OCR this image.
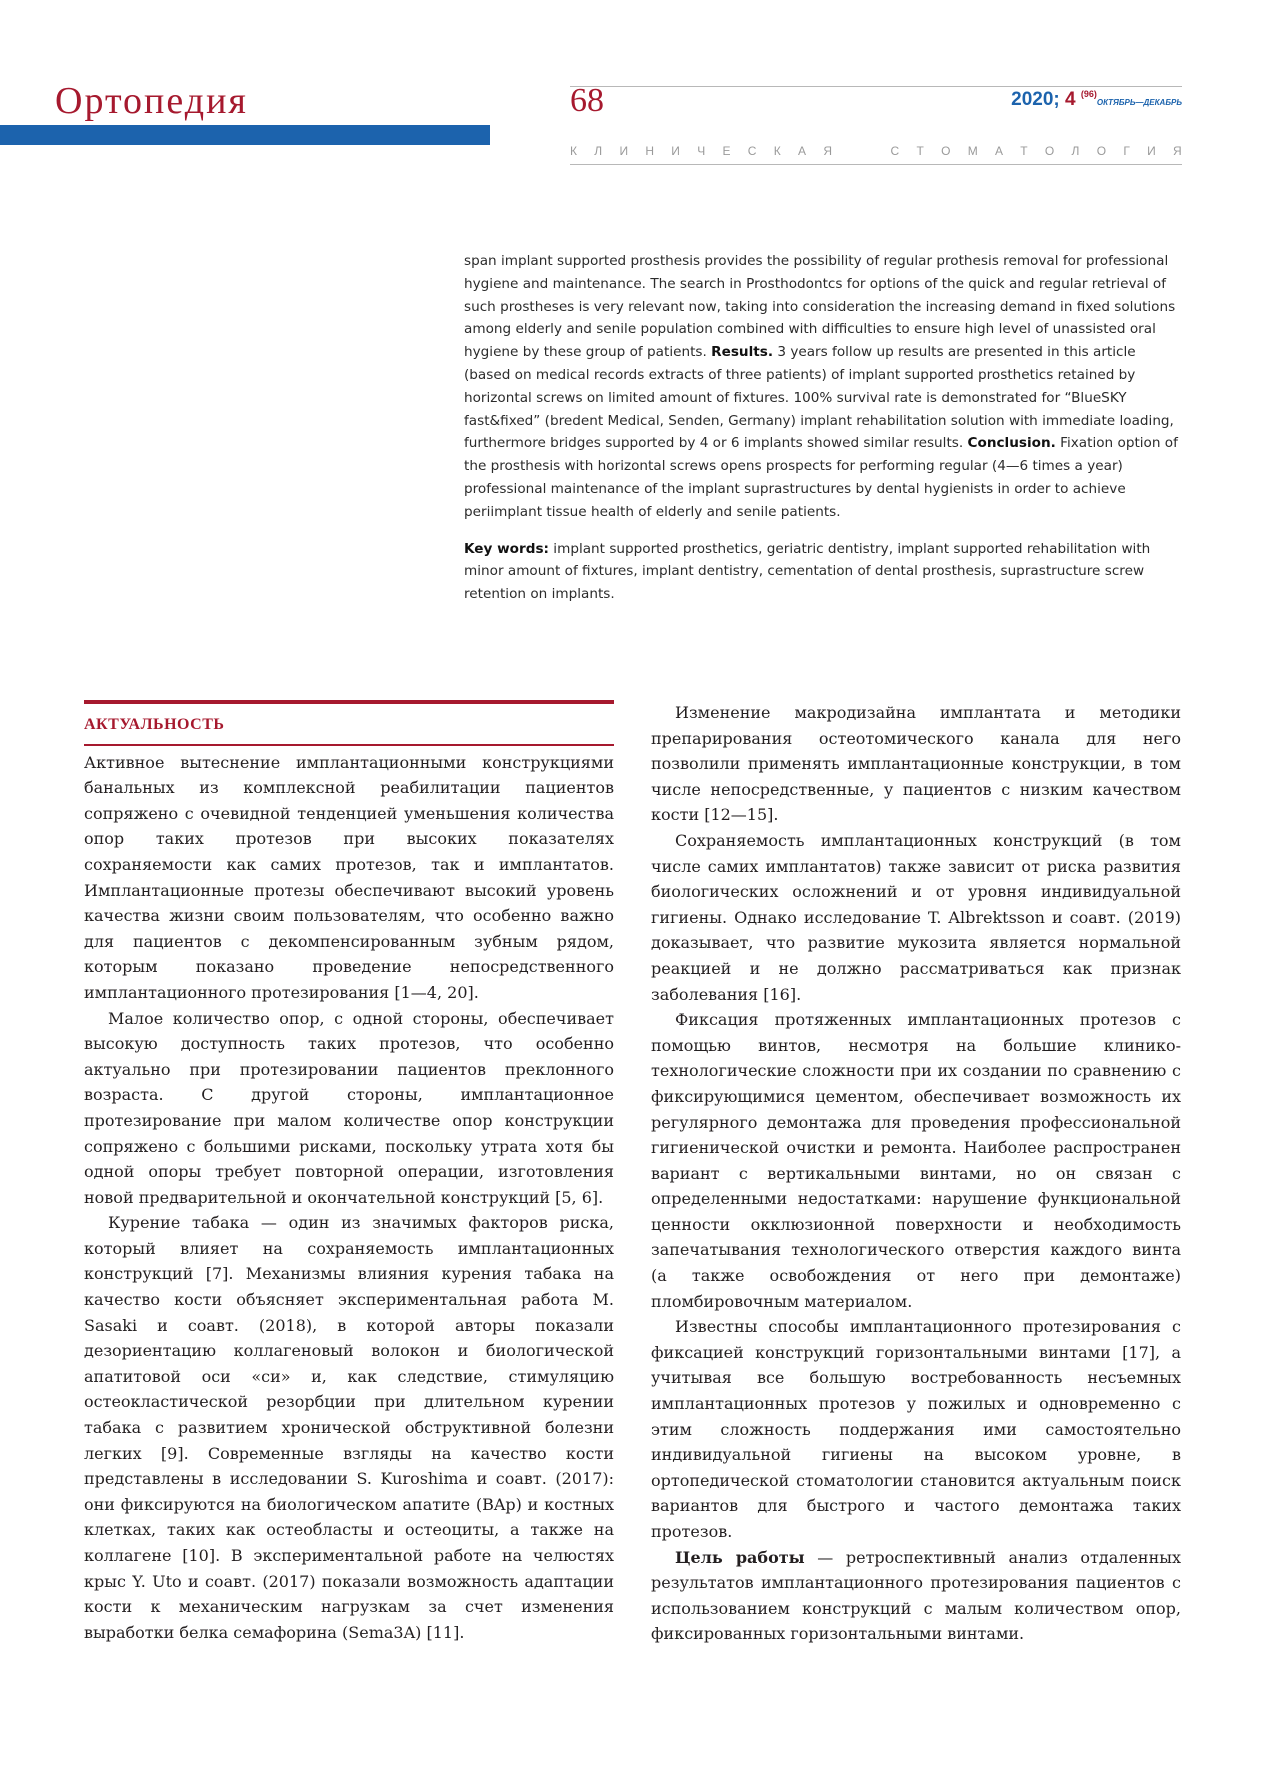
Ортопедия	68	2020; 4 $^{(96)}$ОКТЯБРЬ—ДЕКАБРЬ
К Л И Н И Ч Е С К А Я

	С Т О М А Т О Л О Г И Я

span implant supported prosthesis provides the possibility of regular prothesis removal for professional hygiene and maintenance. The search in Prosthodontcs for options of the quick and regular retrieval of such prostheses is very relevant now, taking into consideration the increasing demand in fixed solutions among elderly and senile population combined with difficulties to ensure high level of unassisted oral hygiene by these group of patients. Results. 3 years follow up results are presented in this article (based on medical records extracts of three patients) of implant supported prosthetics retained by horizontal screws on limited amount of fixtures. 100% survival rate is demonstrated for “BlueSKY fast&fixed” (bredent Medical, Senden, Germany) implant rehabilitation solution with immediate loading, furthermore bridges supported by 4 or 6 implants showed similar results. Conclusion. Fixation option of the prosthesis with horizontal screws opens prospects for performing regular (4—6 times a year) professional maintenance of the implant suprastructures by dental hygienists in order to achieve periimplant tissue health of elderly and senile patients.

Key words: implant supported prosthetics, geriatric dentistry, implant supported rehabilitation with minor amount of fixtures, implant dentistry, cementation of dental prosthesis, suprastructure screw retention on implants.

АКТУАЛЬНОСТЬ

Активное вытеснение имплантационными конструкциями банальных из комплексной реабилитации пациентов сопряжено с очевидной тенденцией уменьшения количества опор таких протезов при высоких показателях сохраняемости как самих протезов, так и имплантатов. Имплантационные протезы обеспечивают высокий уровень качества жизни своим пользователям, что особенно важно для пациентов с декомпенсированным зубным рядом, которым показано проведение непосредственного имплантационного протезирования [1—4, 20].

Малое количество опор, с одной стороны, обеспечивает высокую доступность таких протезов, что особенно актуально при протезировании пациентов преклонного возраста. С другой стороны, имплантационное протезирование при малом количестве опор конструкции сопряжено с большими рисками, поскольку утрата хотя бы одной опоры требует повторной операции, изготовления новой предварительной и окончательной конструкций [5, 6].

Курение табака — один из значимых факторов риска, который влияет на сохраняемость имплантационных конструкций [7]. Механизмы влияния курения табака на качество кости объясняет экспериментальная работа M. Sasaki и соавт. (2018), в которой авторы показали дезориентацию коллагеновый волокон и биологической апатитовой оси «си» и, как следствие, стимуляцию остеокластической резорбции при длительном курении табака с развитием хронической обструктивной болезни легких [9]. Современные взгляды на качество кости представлены в исследовании S. Kuroshima и соавт. (2017): они фиксируются на биологическом апатите (BAp) и костных клетках, таких как остеобласты и остеоциты, а также на коллагене [10]. В экспериментальной работе на челюстях крыс Y. Uto и соавт. (2017) показали возможность адаптации кости к механическим нагрузкам за счет изменения выработки белка семафорина (Sema3A) [11].

Изменение макродизайна имплантата и методики препарирования остеотомического канала для него позволили применять имплантационные конструкции, в том числе непосредственные, у пациентов с низким качеством кости [12—15].

Сохраняемость имплантационных конструкций (в том числе самих имплантатов) также зависит от риска развития биологических осложнений и от уровня индивидуальной гигиены. Однако исследование T. Albrektsson и соавт. (2019) доказывает, что развитие мукозита является нормальной реакцией и не должно рассматриваться как признак заболевания [16].

Фиксация протяженных имплантационных протезов с помощью винтов, несмотря на большие клинико-технологические сложности при их создании по сравнению с фиксирующимися цементом, обеспечивает возможность их регулярного демонтажа для проведения профессиональной гигиенической очистки и ремонта. Наиболее распространен вариант с вертикальными винтами, но он связан с определенными недостатками: нарушение функциональной ценности окклюзионной поверхности и необходимость запечатывания технологического отверстия каждого винта (а также освобождения от него при демонтаже) пломбировочным материалом.

Известны способы имплантационного протезирования с фиксацией конструкций горизонтальными винтами [17], а учитывая все большую востребованность несъемных имплантационных протезов у пожилых и одновременно с этим сложность поддержания ими самостоятельно индивидуальной гигиены на высоком уровне, в ортопедической стоматологии становится актуальным поиск вариантов для быстрого и частого демонтажа таких протезов.

Цель работы — ретроспективный анализ отдаленных результатов имплантационного протезирования пациентов с использованием конструкций с малым количеством опор, фиксированных горизонтальными винтами.
